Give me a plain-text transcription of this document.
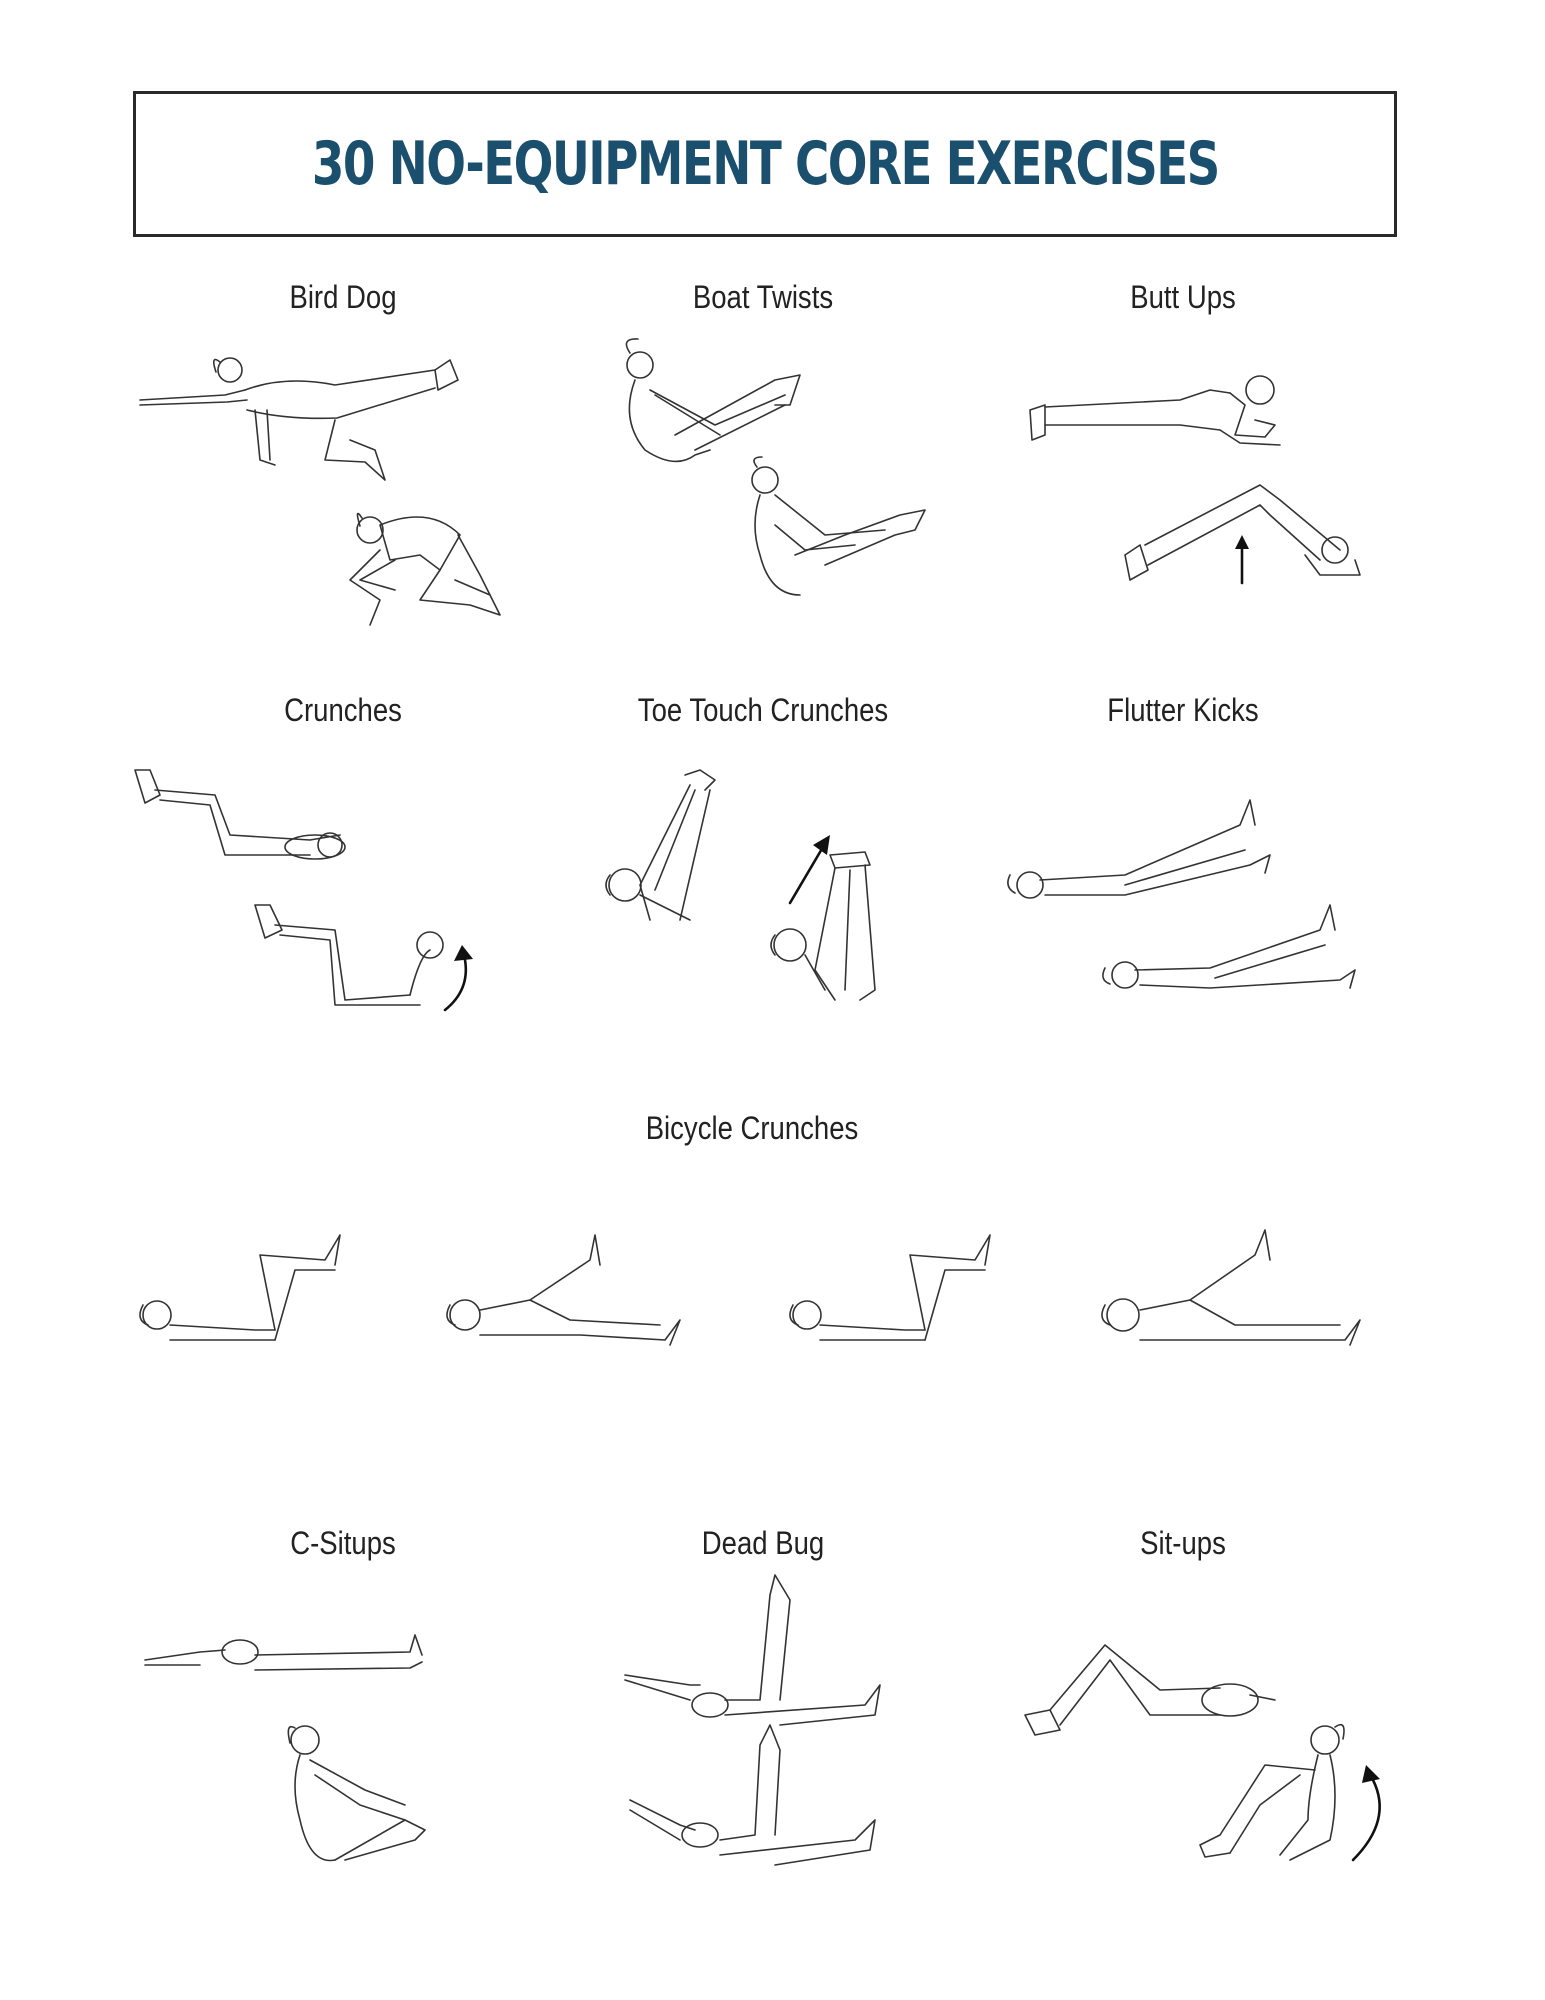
30 NO-EQUIPMENT CORE EXERCISES
Bird Dog	Boat Twists	Butt Ups
Crunches	Toe Touch Crunches	Flutter Kicks
Bicycle Crunches
C-Situps	Dead Bug	Sit-ups
